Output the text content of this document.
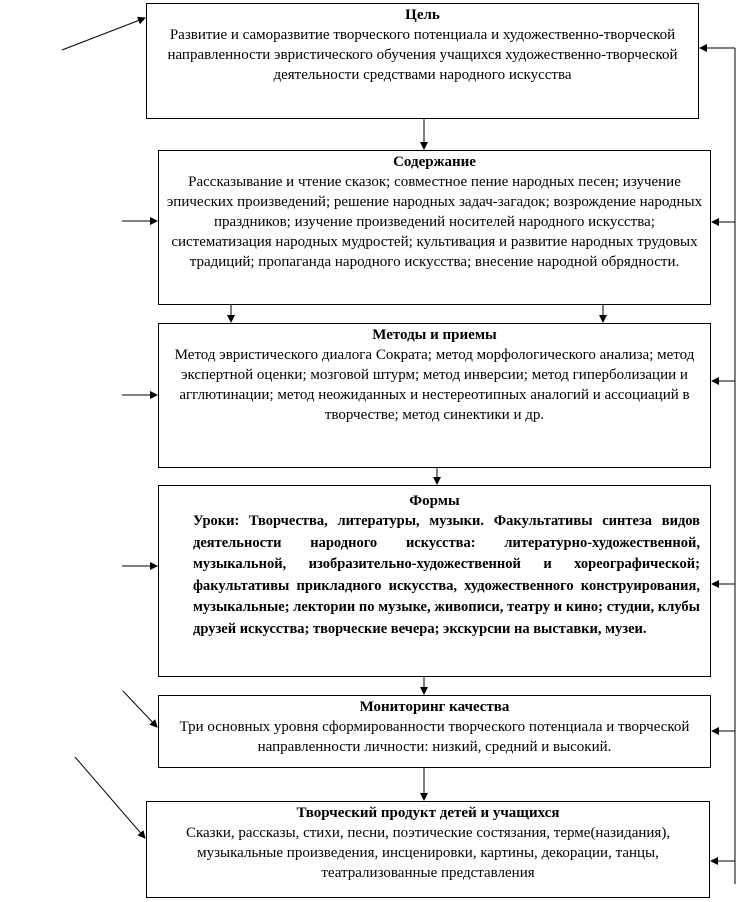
Цель
Развитие и саморазвитие творческого потенциала и художественно-творческой направленности эвристического обучения учащихся художественно-творческой деятельности средствами народного искусства
Содержание
Рассказывание и чтение сказок; совместное пение народных песен; изучение эпических произведений; решение народных задач-загадок; возрождение народных праздников; изучение произведений носителей народного искусства; систематизация народных мудростей; культивация и развитие народных трудовых традиций; пропаганда народного искусства; внесение народной обрядности.
Методы и приемы
Метод эвристического диалога Сократа; метод морфологического анализа; метод экспертной оценки; мозговой штурм; метод инверсии; метод гиперболизации и агглютинации; метод неожиданных и нестереотипных аналогий и ассоциаций в творчестве; метод синектики и др.
Формы
Уроки: Творчества, литературы, музыки. Факультативы синтеза видов деятельности народного искусства: литературно-художественной, музыкальной, изобразительно-художественной и хореографической; факультативы прикладного искусства, художественного конструирования, музыкальные; лектории по музыке, живописи, театру и кино; студии, клубы друзей искусства; творческие вечера; экскурсии на выставки, музеи.
Мониторинг качества
Три основных уровня сформированности творческого потенциала и творческой направленности личности: низкий, средний и высокий.
Творческий продукт детей и учащихся
Сказки, рассказы, стихи, песни, поэтические состязания, терме(назидания), музыкальные произведения, инсценировки, картины, декорации, танцы, театрализованные представления
